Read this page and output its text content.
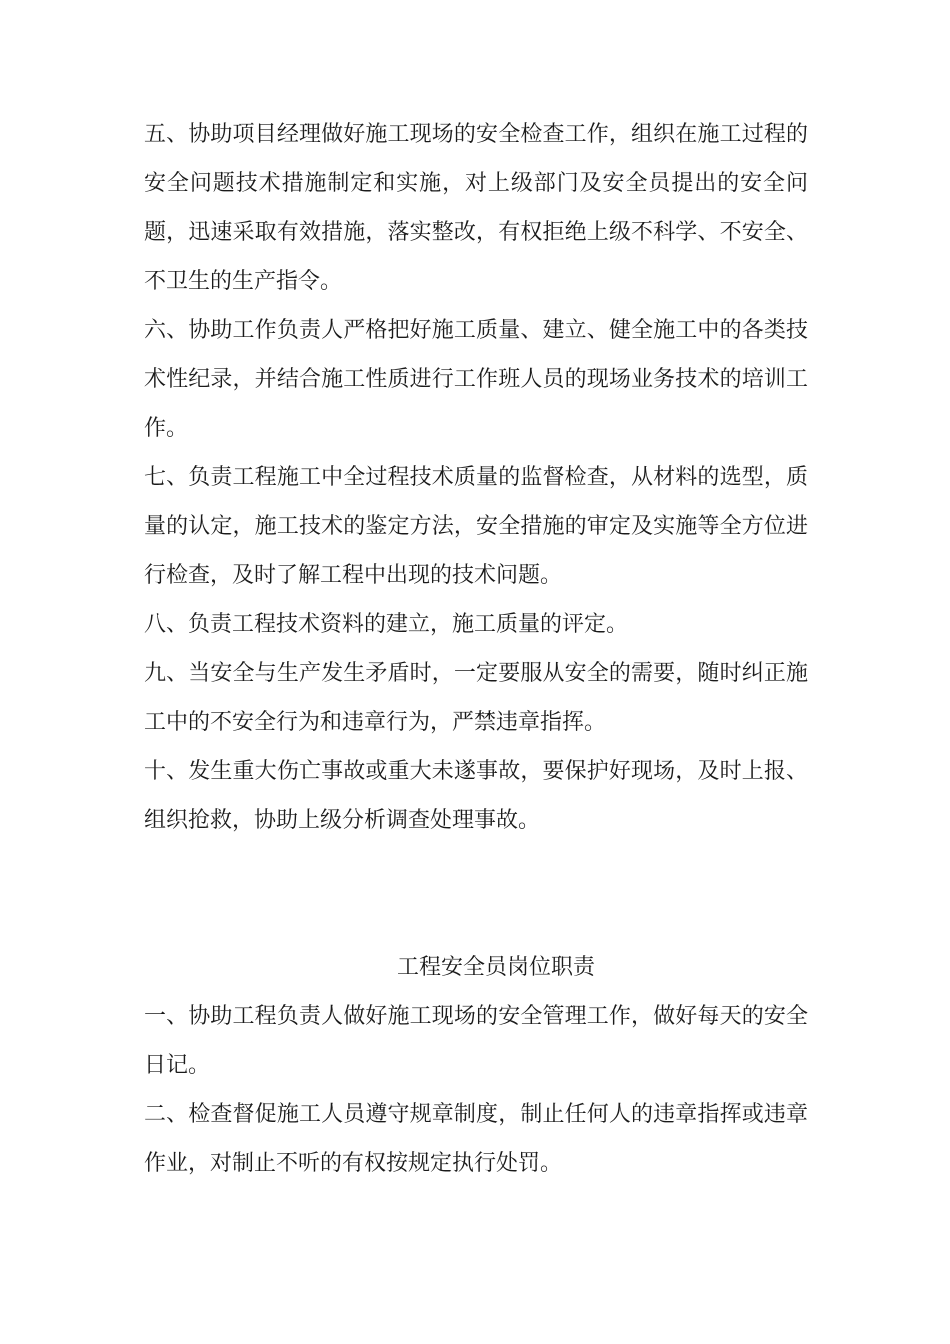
五、协助项目经理做好施工现场的安全检查工作，组织在施工过程的安全问题技术措施制定和实施，对上级部门及安全员提出的安全问题，迅速采取有效措施，落实整改，有权拒绝上级不科学、不安全、不卫生的生产指令。

六、协助工作负责人严格把好施工质量、建立、健全施工中的各类技术性纪录，并结合施工性质进行工作班人员的现场业务技术的培训工作。

七、负责工程施工中全过程技术质量的监督检查，从材料的选型，质量的认定，施工技术的鉴定方法，安全措施的审定及实施等全方位进行检查，及时了解工程中出现的技术问题。

八、负责工程技术资料的建立，施工质量的评定。

九、当安全与生产发生矛盾时，一定要服从安全的需要，随时纠正施工中的不安全行为和违章行为，严禁违章指挥。

十、发生重大伤亡事故或重大未遂事故，要保护好现场，及时上报、组织抢救，协助上级分析调查处理事故。

工程安全员岗位职责

一、协助工程负责人做好施工现场的安全管理工作，做好每天的安全日记。

二、检查督促施工人员遵守规章制度，制止任何人的违章指挥或违章作业，对制止不听的有权按规定执行处罚。
